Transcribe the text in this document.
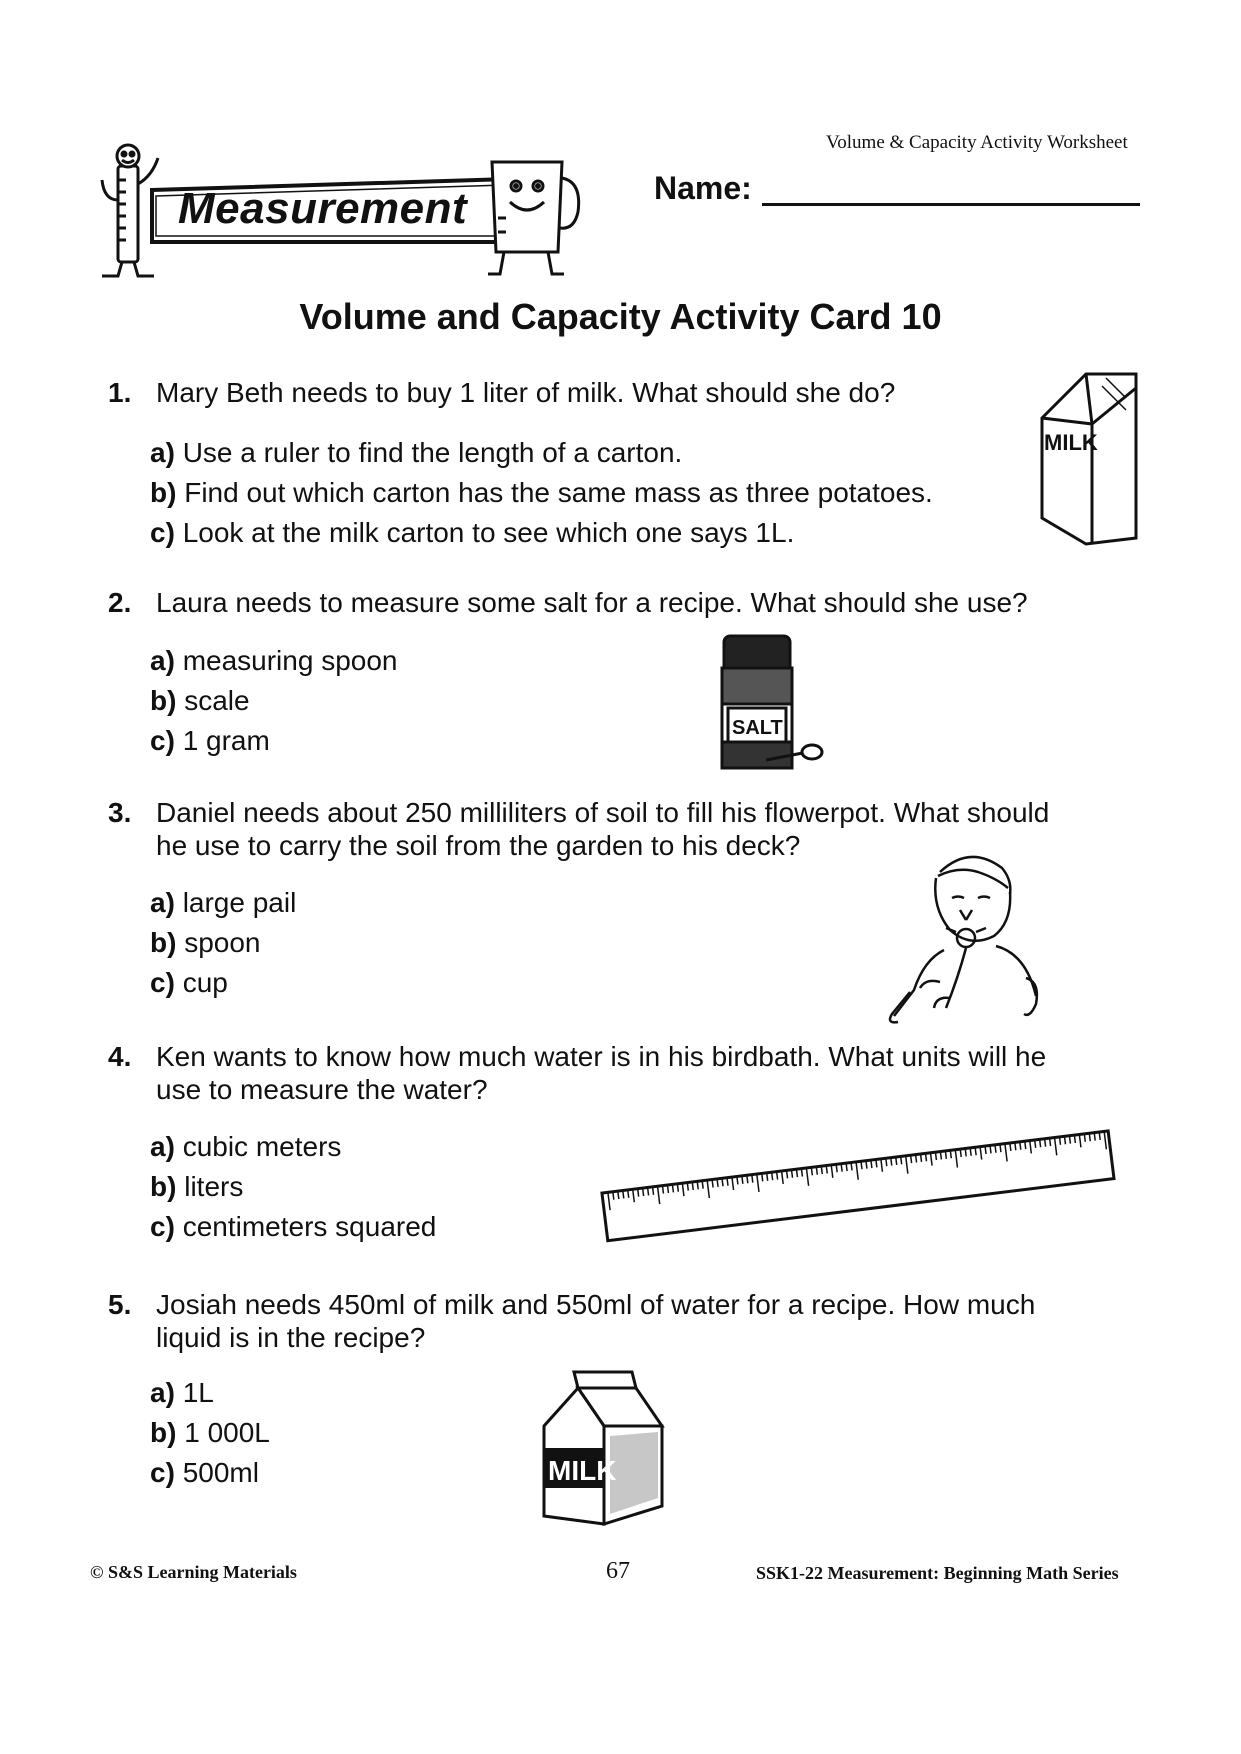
Volume & Capacity Activity Worksheet
Measurement	Name:
Volume and Capacity Activity Card 10
1. Mary Beth needs to buy 1 liter of milk. What should she do?
a) Use a ruler to find the length of a carton.
b) Find out which carton has the same mass as three potatoes.
c) Look at the milk carton to see which one says 1L.
MILK
2. Laura needs to measure some salt for a recipe. What should she use?
a) measuring spoon
b) scale
c) 1 gram	SALT
3. Daniel needs about 250 milliliters of soil to fill his flowerpot. What should
he use to carry the soil from the garden to his deck?
a) large pail
b) spoon
c) cup
4. Ken wants to know how much water is in his birdbath. What units will he
use to measure the water?
a) cubic meters
b) liters
c) centimeters squared
5. Josiah needs 450ml of milk and 550ml of water for a recipe. How much
liquid is in the recipe?
a) 1L
b) 1 000L
c) 500ml	MILK
© S&S Learning Materials	67	SSK1-22 Measurement: Beginning Math Series
